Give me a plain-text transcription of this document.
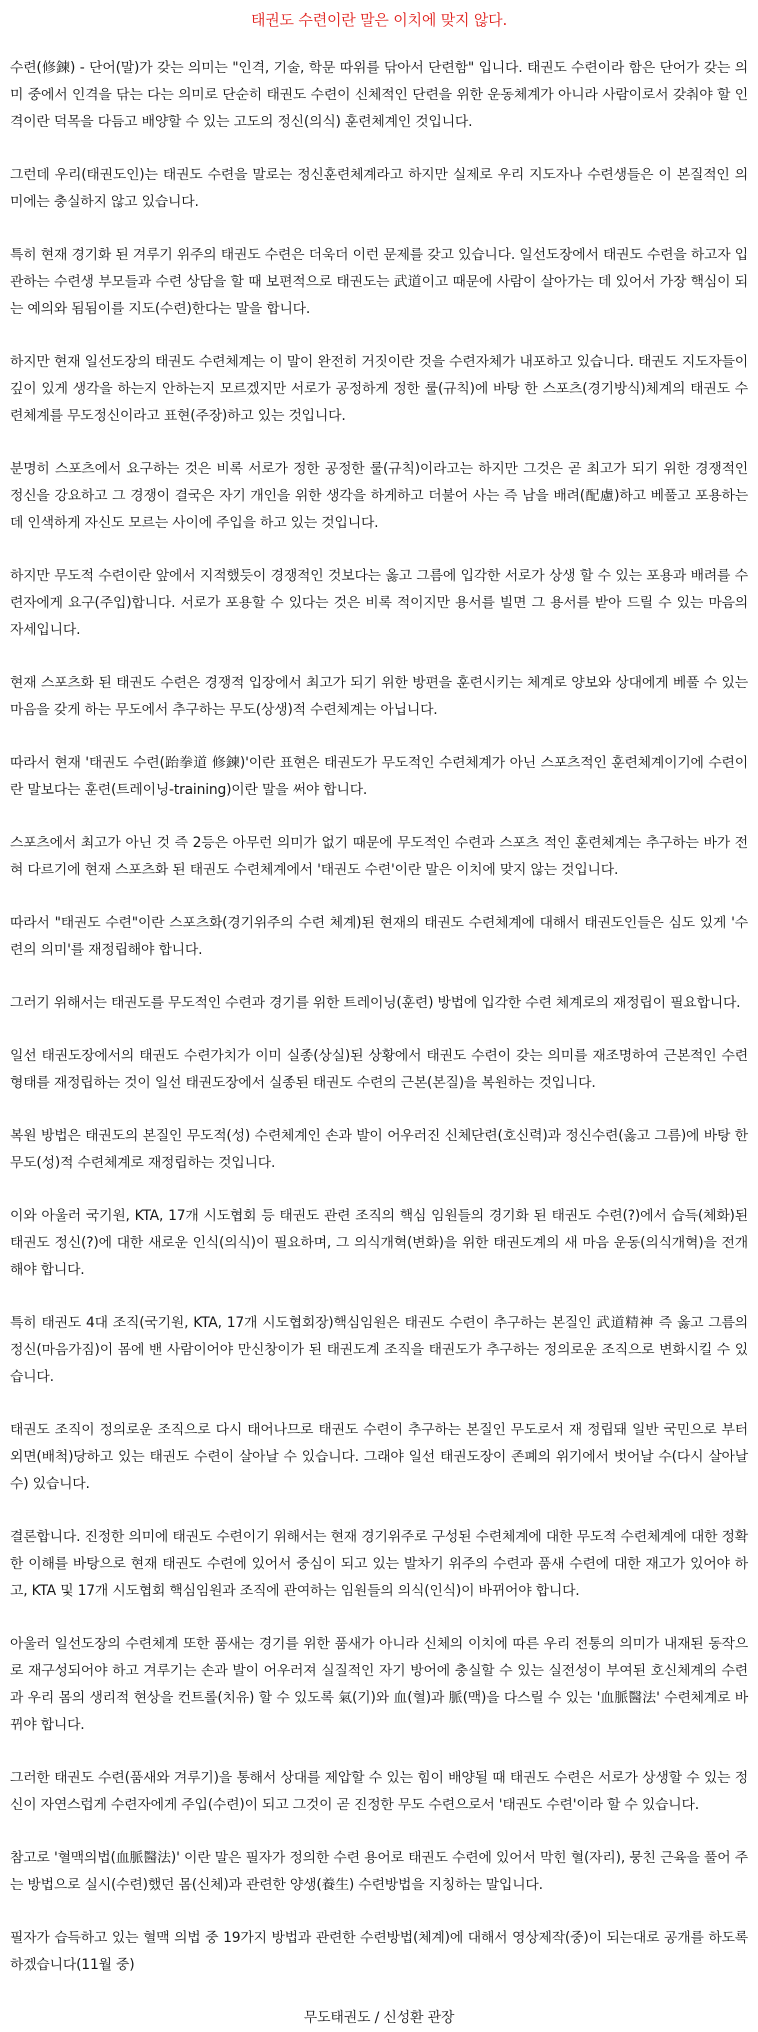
태권도 수련이란 말은 이치에 맞지 않다.
수련(修鍊) - 단어(말)가 갖는 의미는 "인격, 기술, 학문 따위를 닦아서 단련함" 입니다. 태권도 수련이라 함은 단어가 갖는 의미 중에서 인격을 닦는 다는 의미로 단순히 태권도 수련이 신체적인 단련을 위한 운동체계가 아니라 사람이로서 갖춰야 할 인격이란 덕목을 다듬고 배양할 수 있는 고도의 정신(의식) 훈련체계인 것입니다.
그런데 우리(태권도인)는 태권도 수련을 말로는 정신훈련체계라고 하지만 실제로 우리 지도자나 수련생들은 이 본질적인 의미에는 충실하지 않고 있습니다.
특히 현재 경기화 된 겨루기 위주의 태권도 수련은 더욱더 이런 문제를 갖고 있습니다. 일선도장에서 태권도 수련을 하고자 입관하는 수련생 부모들과 수련 상담을 할 때 보편적으로 태권도는 武道이고 때문에 사람이 살아가는 데 있어서 가장 핵심이 되는 예의와 됨됨이를 지도(수련)한다는 말을 합니다.
하지만 현재 일선도장의 태권도 수련체계는 이 말이 완전히 거짓이란 것을 수련자체가 내포하고 있습니다. 태권도 지도자들이 깊이 있게 생각을 하는지 안하는지 모르겠지만 서로가 공정하게 정한 룰(규칙)에 바탕 한 스포츠(경기방식)체계의 태권도 수련체계를 무도정신이라고 표현(주장)하고 있는 것입니다.
분명히 스포츠에서 요구하는 것은 비록 서로가 정한 공정한 룰(규칙)이라고는 하지만 그것은 곧 최고가 되기 위한 경쟁적인 정신을 강요하고 그 경쟁이 결국은 자기 개인을 위한 생각을 하게하고 더불어 사는 즉 남을 배려(配慮)하고 베풀고 포용하는데 인색하게 자신도 모르는 사이에 주입을 하고 있는 것입니다.
하지만 무도적 수련이란 앞에서 지적했듯이 경쟁적인 것보다는 옳고 그름에 입각한 서로가 상생 할 수 있는 포용과 배려를 수련자에게 요구(주입)합니다. 서로가 포용할 수 있다는 것은 비록 적이지만 용서를 빌면 그 용서를 받아 드릴 수 있는 마음의 자세입니다.
현재 스포츠화 된 태권도 수련은 경쟁적 입장에서 최고가 되기 위한 방편을 훈련시키는 체계로 양보와 상대에게 베풀 수 있는 마음을 갖게 하는 무도에서 추구하는 무도(상생)적 수련체계는 아닙니다.
따라서 현재 '태권도 수련(跆拳道 修鍊)'이란 표현은 태권도가 무도적인 수련체계가 아닌 스포츠적인 훈련체계이기에 수련이란 말보다는 훈련(트레이닝-training)이란 말을 써야 합니다.
스포츠에서 최고가 아닌 것 즉 2등은 아무런 의미가 없기 때문에 무도적인 수련과 스포츠 적인 훈련체계는 추구하는 바가 전혀 다르기에 현재 스포츠화 된 태권도 수련체계에서 '태권도 수련'이란 말은 이치에 맞지 않는 것입니다.
따라서 "태권도 수련"이란 스포츠화(경기위주의 수련 체계)된 현재의 태권도 수련체계에 대해서 태권도인들은 심도 있게 '수련의 의미'를 재정립해야 합니다.
그러기 위해서는 태권도를 무도적인 수련과 경기를 위한 트레이닝(훈련) 방법에 입각한 수련 체계로의 재정립이 필요합니다.
일선 태권도장에서의 태권도 수련가치가 이미 실종(상실)된 상황에서 태권도 수련이 갖는 의미를 재조명하여 근본적인 수련 형태를 재정립하는 것이 일선 태권도장에서 실종된 태권도 수련의 근본(본질)을 복원하는 것입니다.
복원 방법은 태권도의 본질인 무도적(성) 수련체계인 손과 발이 어우러진 신체단련(호신력)과 정신수련(옳고 그름)에 바탕 한 무도(성)적 수련체계로 재정립하는 것입니다.
이와 아울러 국기원, KTA, 17개 시도협회 등 태권도 관련 조직의 핵심 임원들의 경기화 된 태권도 수련(?)에서 습득(체화)된 태권도 정신(?)에 대한 새로운 인식(의식)이 필요하며, 그 의식개혁(변화)을 위한 태권도계의 새 마음 운동(의식개혁)을 전개해야 합니다.
특히 태권도 4대 조직(국기원, KTA, 17개 시도협회장)핵심임원은 태권도 수련이 추구하는 본질인 武道精神 즉 옳고 그름의 정신(마음가짐)이 몸에 밴 사람이어야 만신창이가 된 태권도계 조직을 태권도가 추구하는 정의로운 조직으로 변화시킬 수 있습니다.
태권도 조직이 정의로운 조직으로 다시 태어나므로 태권도 수련이 추구하는 본질인 무도로서 재 정립돼 일반 국민으로 부터 외면(배척)당하고 있는 태권도 수련이 살아날 수 있습니다. 그래야 일선 태권도장이 존폐의 위기에서 벗어날 수(다시 살아날 수) 있습니다.
결론합니다. 진정한 의미에 태권도 수련이기 위해서는 현재 경기위주로 구성된 수련체계에 대한 무도적 수련체계에 대한 정확한 이해를 바탕으로 현재 태권도 수련에 있어서 중심이 되고 있는 발차기 위주의 수련과 품새 수련에 대한 재고가 있어야 하고, KTA 및 17개 시도협회 핵심임원과 조직에 관여하는 임원들의 의식(인식)이 바뀌어야 합니다.
아울러 일선도장의 수련체계 또한 품새는 경기를 위한 품새가 아니라 신체의 이치에 따른 우리 전통의 의미가 내재된 동작으로 재구성되어야 하고 겨루기는 손과 발이 어우러져 실질적인 자기 방어에 충실할 수 있는 실전성이 부여된 호신체계의 수련과 우리 몸의 생리적 현상을 컨트롤(치유) 할 수 있도록 氣(기)와 血(혈)과 脈(맥)을 다스릴 수 있는 '血脈醫法' 수련체계로 바뀌야 합니다.
그러한 태권도 수련(품새와 겨루기)을 통해서 상대를 제압할 수 있는 힘이 배양될 때 태권도 수련은 서로가 상생할 수 있는 정신이 자연스럽게 수련자에게 주입(수련)이 되고 그것이 곧 진정한 무도 수련으로서 '태권도 수련'이라 할 수 있습니다.
참고로 '혈맥의법(血脈醫法)' 이란 말은 필자가 정의한 수련 용어로 태권도 수련에 있어서 막힌 혈(자리), 뭉친 근육을 풀어 주는 방법으로 실시(수련)했던 몸(신체)과 관련한 양생(養生) 수련방법을 지칭하는 말입니다.
필자가 습득하고 있는 혈맥 의법 중 19가지 방법과 관련한 수련방법(체계)에 대해서 영상제작(중)이 되는대로 공개를 하도록 하겠습니다(11월 중)
무도태권도 / 신성환 관장
